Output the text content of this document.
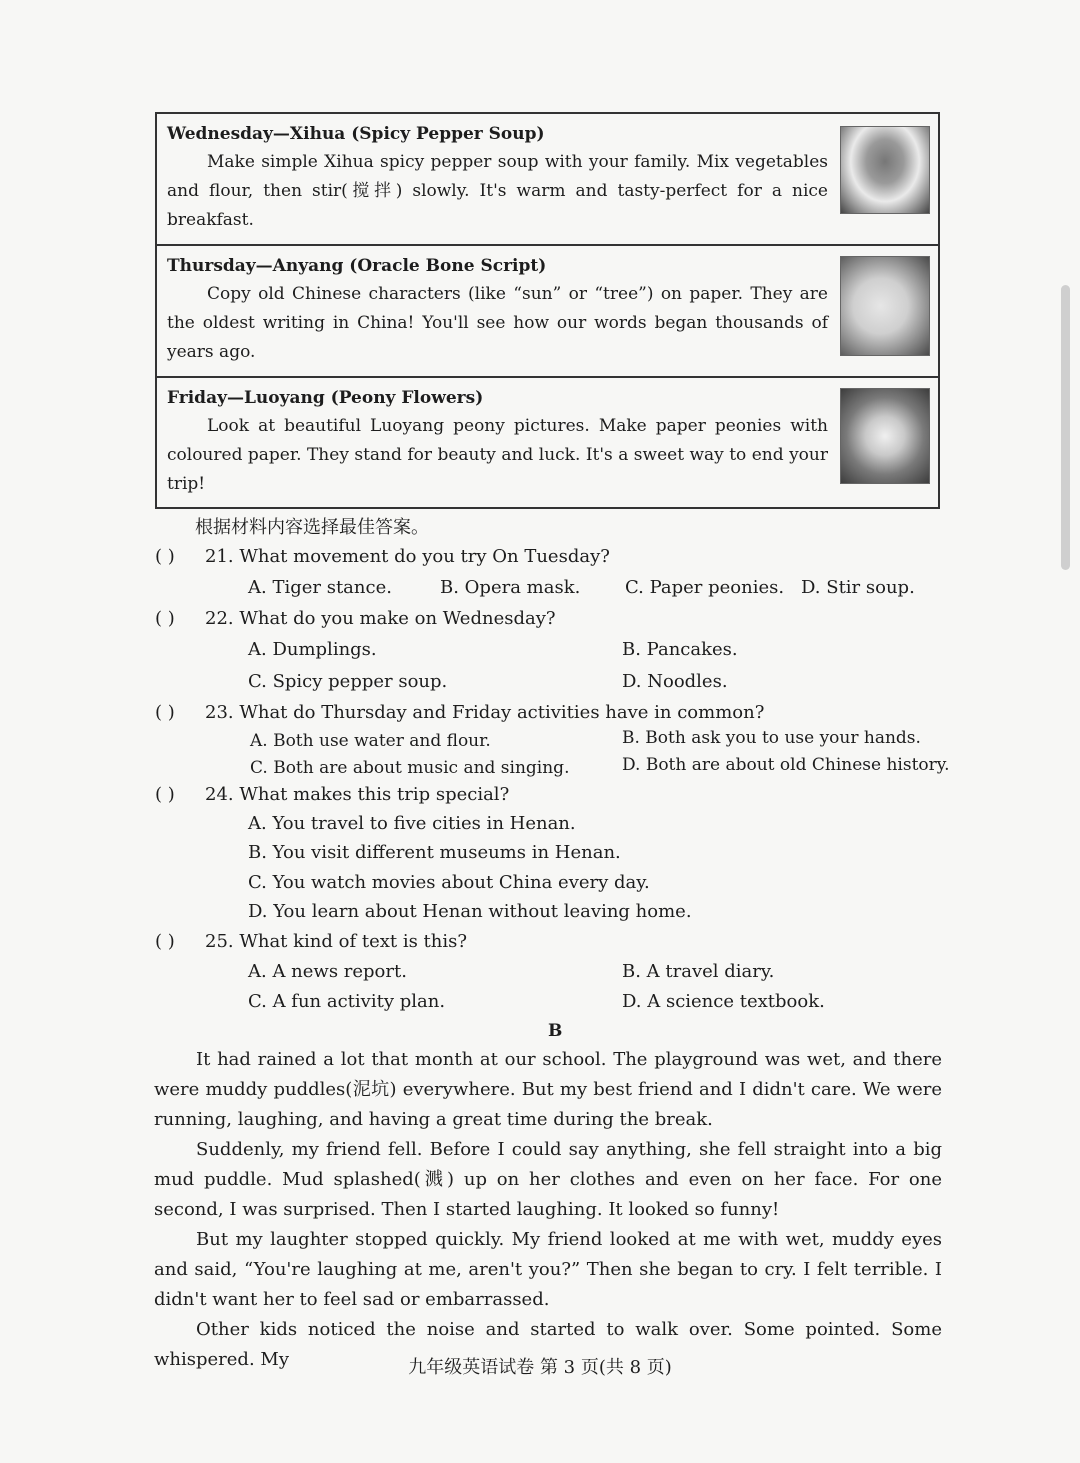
Wednesday—Xihua (Spicy Pepper Soup)

Make simple Xihua spicy pepper soup with your family. Mix vegetables and flour, then stir(搅拌) slowly. It's warm and tasty-perfect for a nice breakfast.

Thursday—Anyang (Oracle Bone Script)

Copy old Chinese characters (like “sun” or “tree”) on paper. They are the oldest writing in China! You'll see how our words began thousands of years ago.

Friday—Luoyang (Peony Flowers)

Look at beautiful Luoyang peony pictures. Make paper peonies with coloured paper. They stand for beauty and luck. It's a sweet way to end your trip!

根据材料内容选择最佳答案。
( ) 21. What movement do you try On Tuesday?
A. Tiger stance.	B. Opera mask. C. Paper peonies. D. Stir soup.
( ) 22. What do you make on Wednesday?
A. Dumplings.	B. Pancakes.
C. Spicy pepper soup.	D. Noodles.
( ) 23. What do Thursday and Friday activities have in common?
A. Both use water and flour.	B. Both ask you to use your hands.
C. Both are about music and singing.	D. Both are about old Chinese history.
( ) 24. What makes this trip special?
A. You travel to five cities in Henan.
B. You visit different museums in Henan.
C. You watch movies about China every day.
D. You learn about Henan without leaving home.
( ) 25. What kind of text is this?
A. A news report.	B. A travel diary.
C. A fun activity plan.	D. A science textbook.
B

It had rained a lot that month at our school. The playground was wet, and there were muddy puddles(泥坑) everywhere. But my best friend and I didn't care. We were running, laughing, and having a great time during the break.

Suddenly, my friend fell. Before I could say anything, she fell straight into a big mud puddle. Mud splashed(溅) up on her clothes and even on her face. For one second, I was surprised. Then I started laughing. It looked so funny!

But my laughter stopped quickly. My friend looked at me with wet, muddy eyes and said, “You're laughing at me, aren't you?” Then she began to cry. I felt terrible. I didn't want her to feel sad or embarrassed.

Other kids noticed the noise and started to walk over. Some pointed. Some whispered. My	九年级英语试卷 第 3 页(共 8 页)
